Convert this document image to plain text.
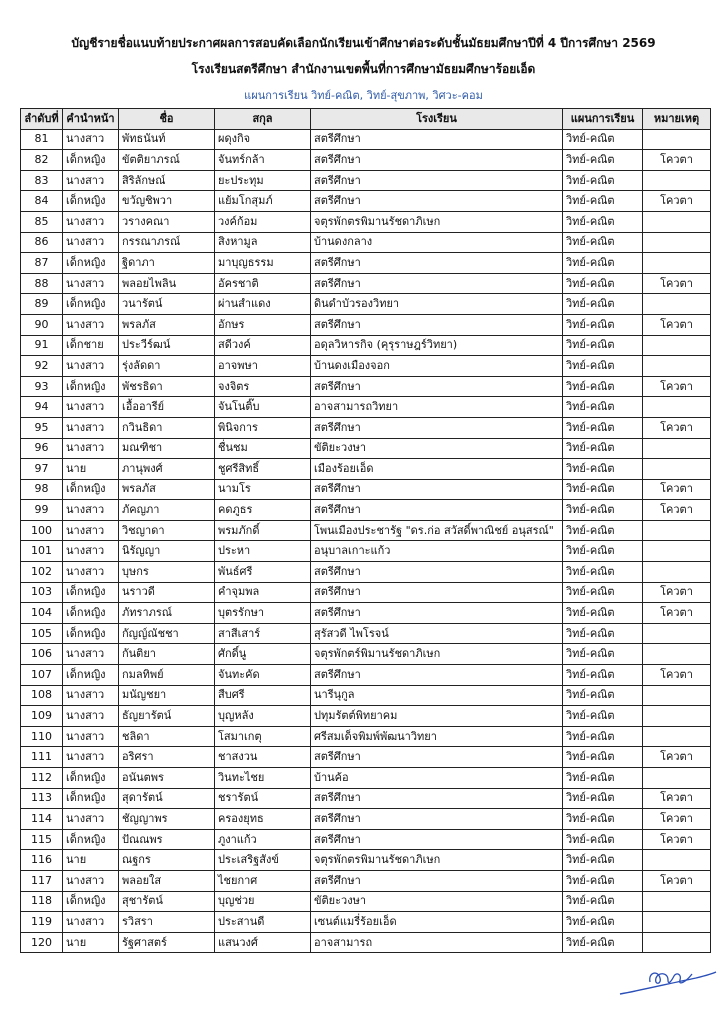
บัญชีรายชื่อแนบท้ายประกาศผลการสอบคัดเลือกนักเรียนเข้าศึกษาต่อระดับชั้นมัธยมศึกษาปีที่ 4 ปีการศึกษา 2569
โรงเรียนสตรีศึกษา สำนักงานเขตพื้นที่การศึกษามัธยมศึกษาร้อยเอ็ด
แผนการเรียน วิทย์-คณิต, วิทย์-สุขภาพ, วิศวะ-คอม
ลำดับที่	คำนำหน้า	ชื่อ	สกุล	โรงเรียน	แผนการเรียน	หมายเหตุ
81	นางสาว	พัทธนันท์	ผดุงกิจ	สตรีศึกษา	วิทย์-คณิต	
82	เด็กหญิง	ขัตติยาภรณ์	จันทร์กล้า	สตรีศึกษา	วิทย์-คณิต	โควตา
83	นางสาว	สิริลักษณ์	ยะประทุม	สตรีศึกษา	วิทย์-คณิต	
84	เด็กหญิง	ขวัญชิพวา	แย้มโกสุมภ์	สตรีศึกษา	วิทย์-คณิต	โควตา
85	นางสาว	วรางคณา	วงค์ก้อม	จตุรพักตรพิมานรัชดาภิเษก	วิทย์-คณิต	
86	นางสาว	กรรณาภรณ์	สิงหามูล	บ้านดงกลาง	วิทย์-คณิต	
87	เด็กหญิง	ฐิดาภา	มาบุญธรรม	สตรีศึกษา	วิทย์-คณิต	
88	นางสาว	พลอยไพลิน	อัครชาติ	สตรีศึกษา	วิทย์-คณิต	โควตา
89	เด็กหญิง	วนารัตน์	ผ่านสำแดง	ดินดำบัวรองวิทยา	วิทย์-คณิต	
90	นางสาว	พรลภัส	อักษร	สตรีศึกษา	วิทย์-คณิต	โควตา
91	เด็กชาย	ประวีร์ฒน์	สดีวงค์	อดุลวิหารกิจ (คุรุราษฎร์วิทยา)	วิทย์-คณิต	
92	นางสาว	รุ่งลัดดา	อาจพษา	บ้านดงเมืองจอก	วิทย์-คณิต	
93	เด็กหญิง	พัชรธิดา	จงจิตร	สตรีศึกษา	วิทย์-คณิต	โควตา
94	นางสาว	เอื้ออารีย์	จันโนติ๊บ	อาจสามารถวิทยา	วิทย์-คณิต	
95	นางสาว	กวินธิดา	พินิจการ	สตรีศึกษา	วิทย์-คณิต	โควตา
96	นางสาว	มณฑิชา	ชื่นชม	ขัติยะวงษา	วิทย์-คณิต	
97	นาย	ภานุพงศ์	ชูศรีสิทธิ์	เมืองร้อยเอ็ด	วิทย์-คณิต	
98	เด็กหญิง	พรลภัส	นามโร	สตรีศึกษา	วิทย์-คณิต	โควตา
99	นางสาว	ภัคญภา	คดภูธร	สตรีศึกษา	วิทย์-คณิต	โควตา
100	นางสาว	วิชญาดา	พรมภักดิ์	โพนเมืองประชารัฐ "ดร.ก่อ สวัสดิ์พาณิชย์ อนุสรณ์"	วิทย์-คณิต	
101	นางสาว	นิรัญญา	ประหา	อนุบาลเกาะแก้ว	วิทย์-คณิต	
102	นางสาว	บุษกร	พันธ์ศรี	สตรีศึกษา	วิทย์-คณิต	
103	เด็กหญิง	นราวดี	คำจุมพล	สตรีศึกษา	วิทย์-คณิต	โควตา
104	เด็กหญิง	ภัทราภรณ์	บุตรรักษา	สตรีศึกษา	วิทย์-คณิต	โควตา
105	เด็กหญิง	กัญญ์ณัชชา	สาสีเสาร์	สุรัสวดี ไพโรจน์	วิทย์-คณิต	
106	นางสาว	กันติยา	ศักดิ์นู	จตุรพักตร์พิมานรัชดาภิเษก	วิทย์-คณิต	
107	เด็กหญิง	กมลทิพย์	จันทะคัด	สตรีศึกษา	วิทย์-คณิต	โควตา
108	นางสาว	มนัญชยา	สืบศรี	นารีนุกูล	วิทย์-คณิต	
109	นางสาว	ธัญยารัตน์	บุญหลัง	ปทุมรัตต์พิทยาคม	วิทย์-คณิต	
110	นางสาว	ชลิดา	โสมาเกตุ	ศรีสมเด็จพิมพ์พัฒนาวิทยา	วิทย์-คณิต	
111	นางสาว	อริศรา	ชาสงวน	สตรีศึกษา	วิทย์-คณิต	โควตา
112	เด็กหญิง	อนันตพร	วินทะไชย	บ้านค้อ	วิทย์-คณิต	
113	เด็กหญิง	สุดารัตน์	ชรารัตน์	สตรีศึกษา	วิทย์-คณิต	โควตา
114	นางสาว	ชัญญาพร	ครองยุทธ	สตรีศึกษา	วิทย์-คณิต	โควตา
115	เด็กหญิง	ปัณณพร	ภูงาแก้ว	สตรีศึกษา	วิทย์-คณิต	โควตา
116	นาย	ณฐกร	ประเสริฐสังข์	จตุรพักตรพิมานรัชดาภิเษก	วิทย์-คณิต	
117	นางสาว	พลอยใส	ไชยกาศ	สตรีศึกษา	วิทย์-คณิต	โควตา
118	เด็กหญิง	สุชารัตน์	บุญช่วย	ขัติยะวงษา	วิทย์-คณิต	
119	นางสาว	รวิสรา	ประสานดี	เซนต์แมรี่ร้อยเอ็ด	วิทย์-คณิต	
120	นาย	รัฐศาสตร์	แสนวงศ์	อาจสามารถ	วิทย์-คณิต	
